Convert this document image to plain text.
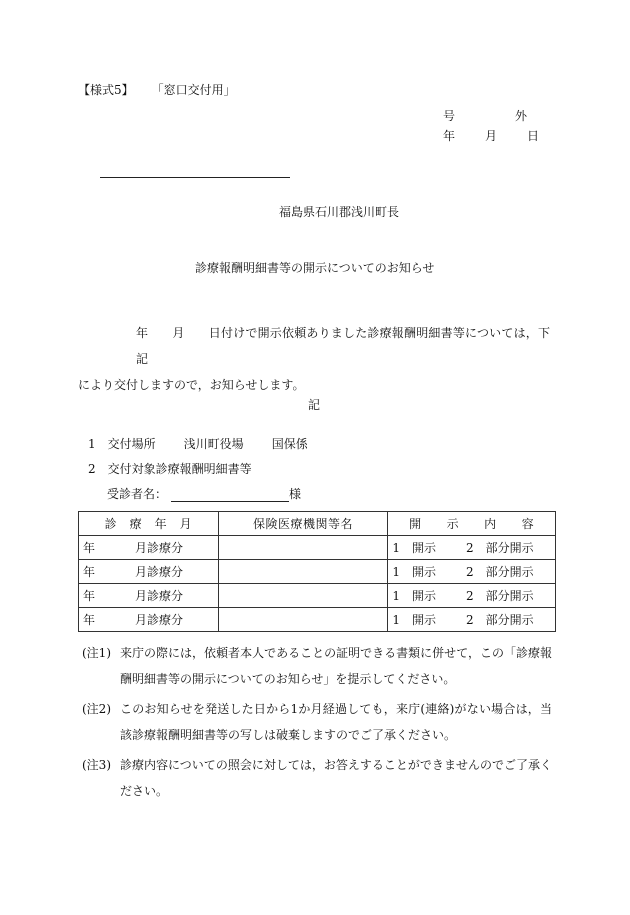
【様式5】 「窓口交付用」
号	外
年	月	日
福島県石川郡浅川町長
診療報酬明細書等の開示についてのお知らせ
年 月 日付けで開示依頼ありました診療報酬明細書等については，下記
により交付しますので，お知らせします。
記
1　 交付場所 浅川町役場 国保係
2　 交付対象診療報酬明細書等
受診者名：	様
診　療　年　月	保険医療機関等名	開　　示　　内　　容
年 月診療分		1　開示 2　部分開示
年 月診療分		1　開示 2　部分開示
年 月診療分		1　開示 2　部分開示
年 月診療分		1　開示 2　部分開示
(注1) 来庁の際には，依頼者本人であることの証明できる書類に併せて，この「診療報酬明細書等の開示についてのお知らせ」を提示してください。
(注2) このお知らせを発送した日から1か月経過しても，来庁(連絡)がない場合は，当該診療報酬明細書等の写しは破棄しますのでご了承ください。
(注3) 診療内容についての照会に対しては，お答えすることができませんのでご了承ください。
